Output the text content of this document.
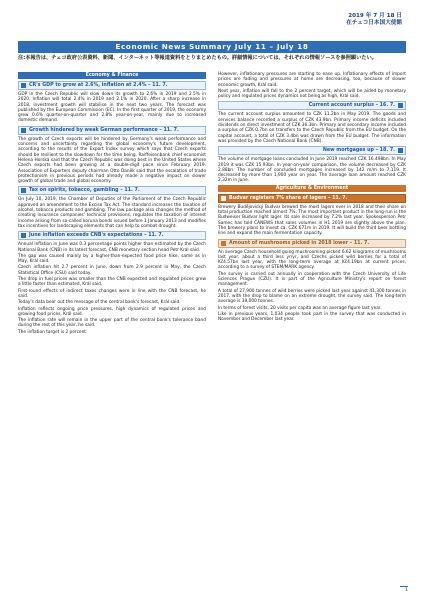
2019 年 7 月 18 日
在チェコ日本国大使館
Economic News Summary July 11 – July 18
注:本報告は、チェコ政府公表資料、新聞、インターネット等報道資料をとりまとめたもの。詳細情報については、それぞれの情報ソースを参照願いたい。
Economy & Finance
ČR's GDP to grow at 2.6%, inflation at 2.4% – 11. 7.

GDP in the Czech Republic will slow down its growth to 2.6% in 2019 and 2.5% in 2020. Inflation will total 2.4% in 2019 and 2.1% in 2020. After a sharp increase in 2018, investment growth will stabilise in the next two years. The forecast was published by the European Commission (EC). In the first quarter of 2019, the economy grew 0.6% quarter-on-quarter and 2.8% year-on-year, mainly due to increased domestic demand.

Growth hindered by weak German performance – 11. 7.

The growth of Czech exports will be hindered by Germany's weak performance and concerns and uncertainty regarding the global economy's future development, according to the results of the Export Index survey which says that Czech exports should be resilient to the slowdown for the time being. Raiffeisenbank chief economist Helena Horská said that the Czech Republic was doing best in the United States where Czech exports had been growing at a double-digit pace since February 2019. Association of Exporters deputy chairman Otto Daněk said that the escalation of trade protectionism in previous periods had already made a negative impact on slower growth of global trade and global economy.

Tax on spirits, tobacco, gambling – 11. 7.

On July 10, 2019, the Chamber of Deputies of the Parliament of the Czech Republic approved an amendment to the Excise Tax Act. The standard increases the taxation of alcohol, tobacco products and gambling. The law package also changes the method of creating insurance companies' technical provisions, regulates the taxation of interest income arising from so-called koruna bonds issued before 1 January 2013 and modifies tax incentives for landscaping elements that can help to combat drought.

June inflation exceeds CNB's expectations – 11. 7.

Annual inflation in June was 0.3 percentage points higher than estimated by the Czech National Bank (CNB) in its latest forecast, CNB monetary section head Petr Král said.

The gap was caused mainly by a higher-than-expected food price hike, same as in May, Král said.

Czech inflation hit 2.7 percent in June, down from 2.9 percent in May, the Czech Statistical Office (CSU) said today.

The drop in fuel prices was smaller than the CNB expected and regulated prices grew a little faster than estimated, Král said.

First-round effects of indirect taxes changes were in line with the CNB forecast, he said.

Today's data bear out the message of the central bank's forecast, Král said.

Inflation reflects ongoing price pressures, high dynamics of regulated prices and growing food prices, Král said.

The inflation rate will remain in the upper part of the central bank's tolerance band during the rest of this year, he said.

The inflation target is 2 percent.

However, inflationary pressures are starting to ease up. Inflationary effects of import prices are fading and pressures at home are decreasing, too, because of slower economic growth, Král said.

Next year, inflation will fall to the 2 percent target, which will be aided by monetary policy and regulated prices dynamics not being as high, Král said.

Current account surplus – 16. 7.

The current account surplus amounted to CZK 11.2bn in May 2019. The goods and services balance recorded a surplus of CZK 43.9bn. Primary income deficits included dividends on direct investment of CZK 36.3bn. Primary and secondary income included a surplus of CZK 0.7bn on transfers to the Czech Republic from the EU budget. On the capital account, a total of CZK 3.4bn was drawn from the EU budget. The information was provided by the Czech National Bank (ČNB).

New mortgages up – 18. 7.

The volume of mortgage loans concluded in June 2019 reached CZK 16.498bn. In May 2019 it was CZK 15.93bn. In year-on-year comparison, the volume decreased by CZK 2.88bn. The number of concluded mortgages increased by 142 m/m to 7,119. It decreased by more than 1,900 year on year. The average loan amount reached CZK 2.32m in June.

Agriculture & Environment
Budvar registers 7% share of lagers – 11. 7.

Brewery Budějovický Budvar brewed the most lagers ever in 2018 and their share on total production reached almost 7%. The most important product in the long-run is the Budweiser Budvar light lager. Its sale increased by 7.2% last year. Spokesperson Petr Samec has told ČANEWS that sales volumes in H1 2019 are slightly above the plan. The brewery plans to invest ca. CZK 671m in 2019. It will build the third beer bottling line and expand the main fermentation capacity.

Amount of mushrooms picked in 2018 lower – 11. 7.

An average Czech household going mushrooming picked 6.62 kilograms of mushrooms last year, about a third less yr/yr, and Czechs picked wild berries for a total of Kč4.57bn last year, with the long-term average at Kč4.19bn at current prices, according to a survey of STEM/MARK agency.

The survey is carried out annually in cooperation with the Czech University of Life Sciences Prague (CZU). It is part of the Agriculture Ministry's report on forest management.

A total of 27,900 tonnes of wild berries were picked last year against 41,300 tonnes in 2017, with the drop to blame on an extreme drought, the survey said. The long-term average is 39,000 tonnes.

In terms of forest visits, 20 visits per capita was an average figure last year.

Like in previous years, 1,034 people took part in the survey that was conducted in November and December last year.

1
